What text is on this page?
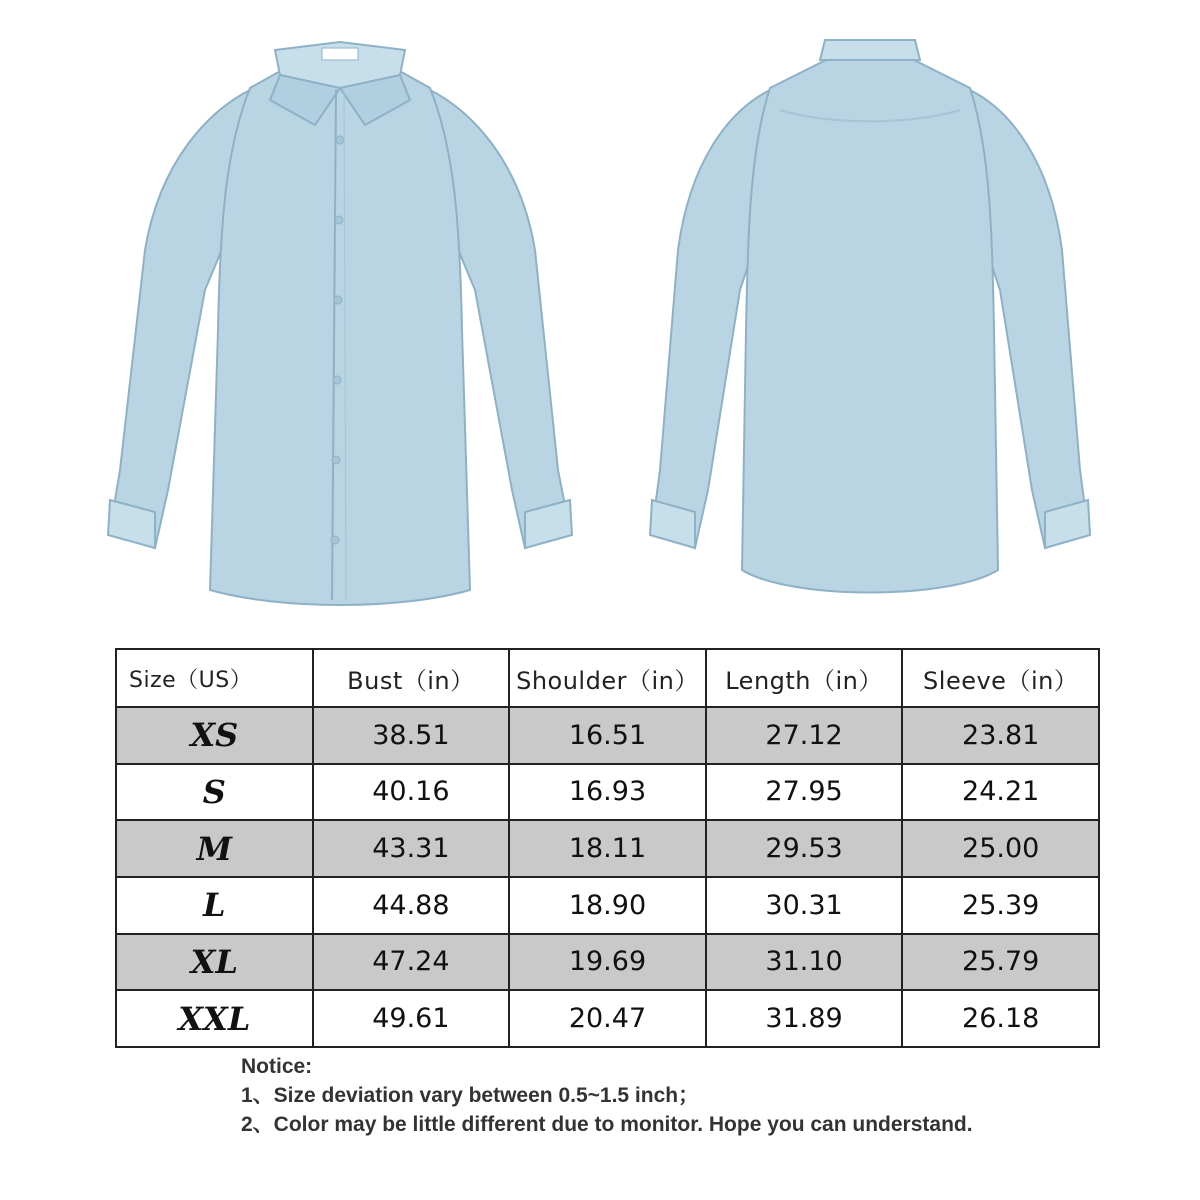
Size（US）	Bust（in）	Shoulder（in）	Length（in）	Sleeve（in）
XS	38.51	16.51	27.12	23.81
S	40.16	16.93	27.95	24.21
M	43.31	18.11	29.53	25.00
L	44.88	18.90	30.31	25.39
XL	47.24	19.69	31.10	25.79
XXL	49.61	20.47	31.89	26.18
Notice:
1、Size deviation vary between 0.5~1.5 inch；
2、Color may be little different due to monitor. Hope you can understand.
